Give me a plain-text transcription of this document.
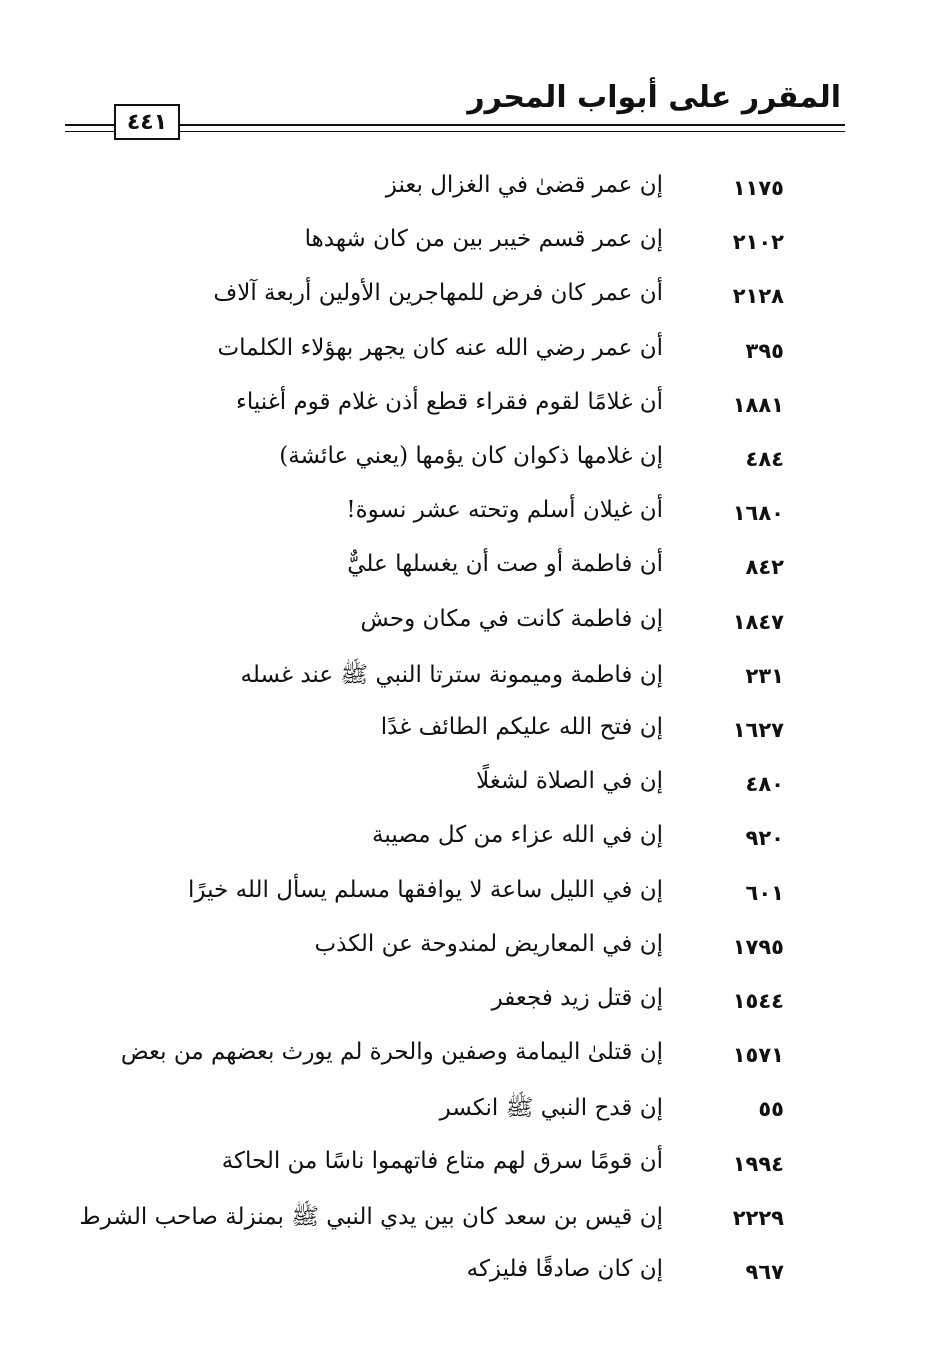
المقرر على أبواب المحرر
٤٤١
١١٧٥
إن عمر قضىٰ في الغزال بعنز
٢١٠٢
إن عمر قسم خيبر بين من كان شهدها
٢١٢٨
أن عمر كان فرض للمهاجرين الأولين أربعة آلاف
٣٩٥
أن عمر رضي الله عنه كان يجهر بهؤلاء الكلمات
١٨٨١
أن غلامًا لقوم فقراء قطع أذن غلام قوم أغنياء
٤٨٤
إن غلامها ذكوان كان يؤمها (يعني عائشة)
١٦٨٠
أن غيلان أسلم وتحته عشر نسوة!
٨٤٢
أن فاطمة أو صت أن يغسلها عليٌّ
١٨٤٧
إن فاطمة كانت في مكان وحش
٢٣١
إن فاطمة وميمونة سترتا النبي ﷺ عند غسله
١٦٢٧
إن فتح الله عليكم الطائف غدًا
٤٨٠
إن في الصلاة لشغلًا
٩٢٠
إن في الله عزاء من كل مصيبة
٦٠١
إن في الليل ساعة لا يوافقها مسلم يسأل الله خيرًا
١٧٩٥
إن في المعاريض لمندوحة عن الكذب
١٥٤٤
إن قتل زيد فجعفر
١٥٧١
إن قتلىٰ اليمامة وصفين والحرة لم يورث بعضهم من بعض
٥٥
إن قدح النبي ﷺ انكسر
١٩٩٤
أن قومًا سرق لهم متاع فاتهموا ناسًا من الحاكة
٢٢٢٩
إن قيس بن سعد كان بين يدي النبي ﷺ بمنزلة صاحب الشرط
٩٦٧
إن كان صادقًا فليزكه
